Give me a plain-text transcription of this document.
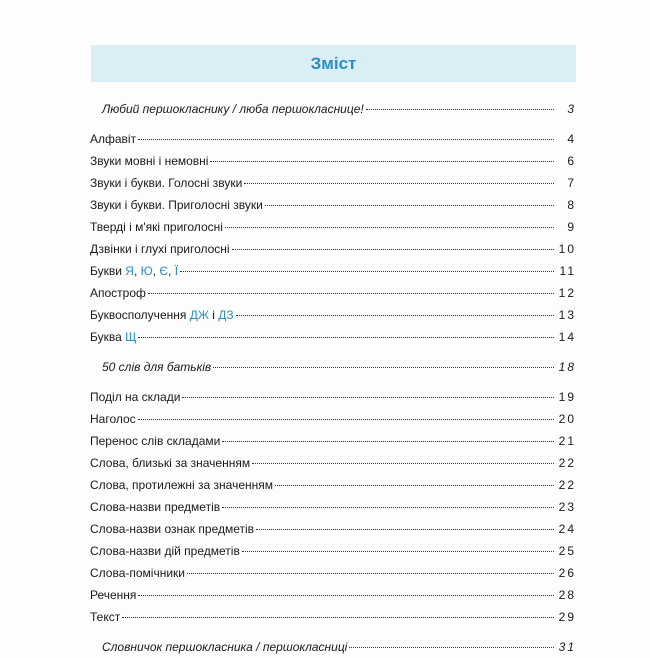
Зміст
Любий першокласнику / люба першокласнице!	3
Алфавіт	4
Звуки мовні і немовні	6
Звуки і букви. Голосні звуки	7
Звуки і букви. Приголосні звуки	8
Тверді і м'які приголосні	9
Дзвінки і глухі приголосні	10
Букви Я, Ю, Є, Ї	11
Апостроф	12
Буквосполучення ДЖ і ДЗ	13
Буква Щ	14
50 слів для батьків	18
Поділ на склади	19
Наголос	20
Перенос слів складами	21
Слова, близькі за значенням	22
Слова, протилежні за значенням	22
Слова-назви предметів	23
Слова-назви ознак предметів	24
Слова-назви дій предметів	25
Слова-помічники	26
Речення	28
Текст	29
Словничок першокласника / першокласниці	31
